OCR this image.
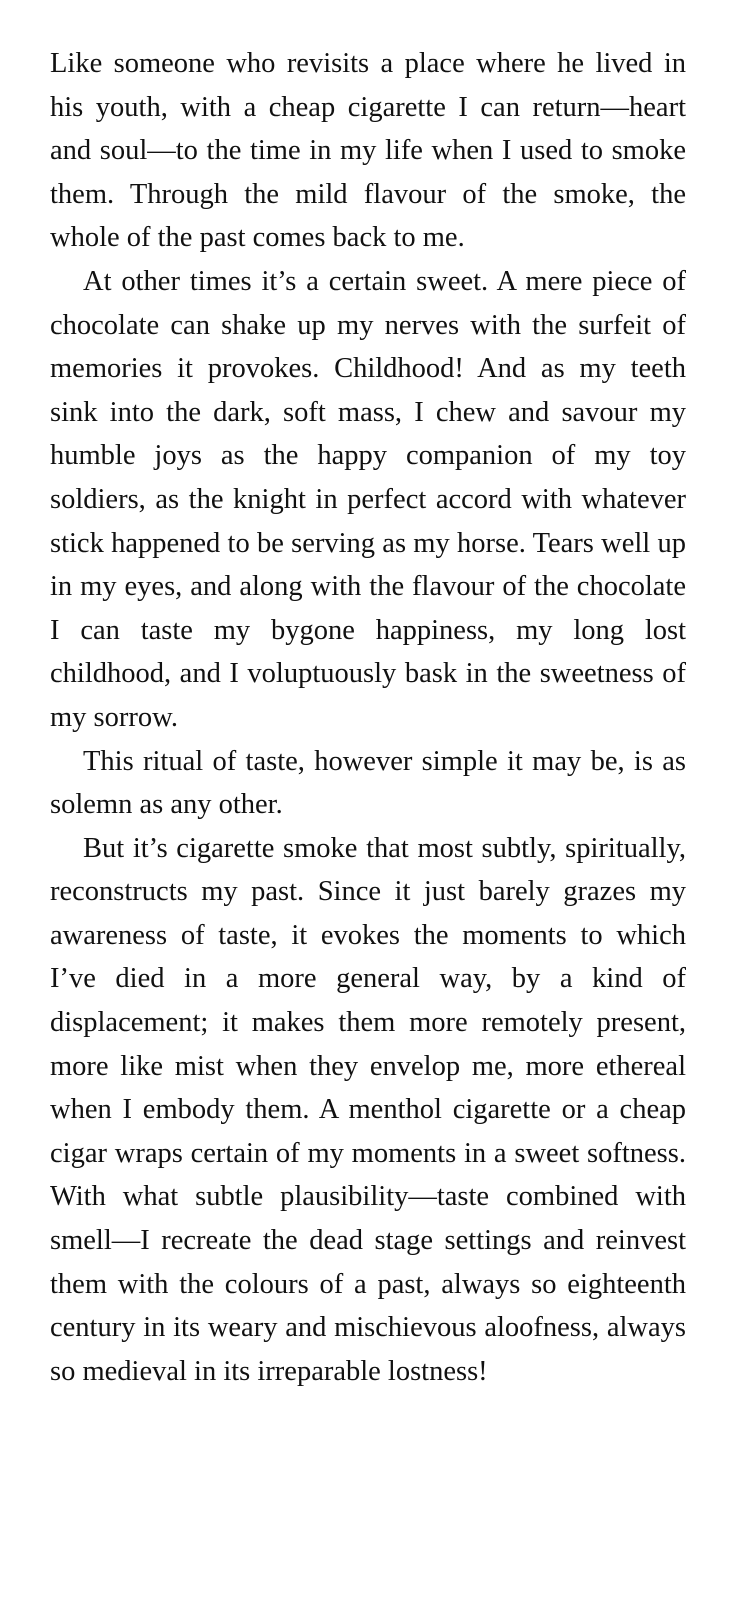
Like someone who revisits a place where he lived in his youth, with a cheap cigarette I can return—heart and soul—to the time in my life when I used to smoke them. Through the mild flavour of the smoke, the whole of the past comes back to me.

At other times it’s a certain sweet. A mere piece of chocolate can shake up my nerves with the surfeit of memories it provokes. Childhood! And as my teeth sink into the dark, soft mass, I chew and savour my humble joys as the happy companion of my toy soldiers, as the knight in perfect accord with whatever stick happened to be serving as my horse. Tears well up in my eyes, and along with the flavour of the chocolate I can taste my bygone happiness, my long lost childhood, and I voluptuously bask in the sweetness of my sorrow.

This ritual of taste, however simple it may be, is as solemn as any other.

But it’s cigarette smoke that most subtly, spiritually, reconstructs my past. Since it just barely grazes my awareness of taste, it evokes the moments to which I’ve died in a more general way, by a kind of displacement; it makes them more remotely present, more like mist when they envelop me, more ethereal when I embody them. A menthol cigarette or a cheap cigar wraps certain of my moments in a sweet softness. With what subtle plausibility—taste combined with smell—I recreate the dead stage settings and reinvest them with the colours of a past, always so eighteenth century in its weary and mischievous aloofness, always so medieval in its irreparable lostness!
